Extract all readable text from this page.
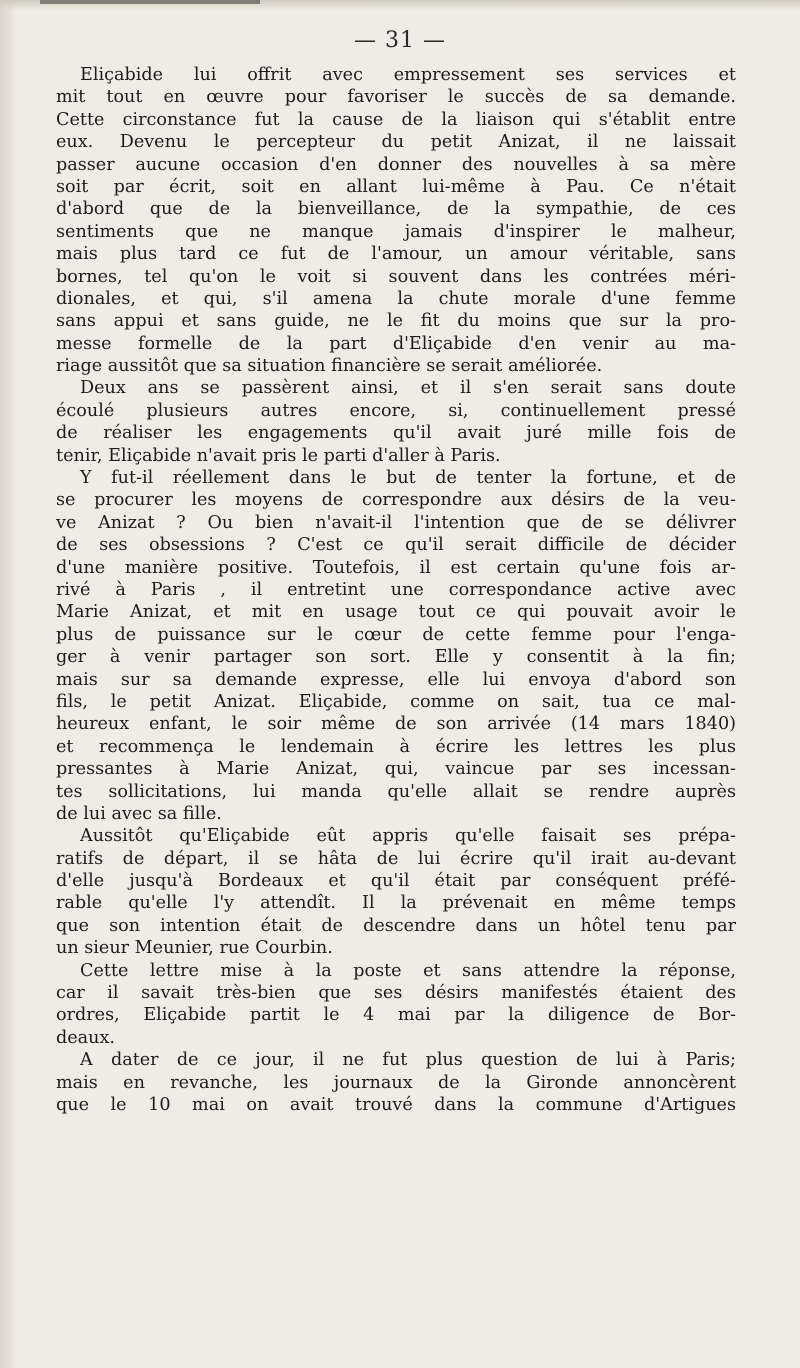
— 31 —
Eliçabide lui offrit avec empressement ses services et
mit tout en œuvre pour favoriser le succès de sa demande.
Cette circonstance fut la cause de la liaison qui s'établit entre
eux. Devenu le percepteur du petit Anizat, il ne laissait
passer aucune occasion d'en donner des nouvelles à sa mère
soit par écrit, soit en allant lui-même à Pau. Ce n'était
d'abord que de la bienveillance, de la sympathie, de ces
sentiments que ne manque jamais d'inspirer le malheur,
mais plus tard ce fut de l'amour, un amour véritable, sans
bornes, tel qu'on le voit si souvent dans les contrées méri-
dionales, et qui, s'il amena la chute morale d'une femme
sans appui et sans guide, ne le fit du moins que sur la pro-
messe formelle de la part d'Eliçabide d'en venir au ma-
riage aussitôt que sa situation financière se serait améliorée.
Deux ans se passèrent ainsi, et il s'en serait sans doute
écoulé plusieurs autres encore, si, continuellement pressé
de réaliser les engagements qu'il avait juré mille fois de
tenir, Eliçabide n'avait pris le parti d'aller à Paris.
Y fut-il réellement dans le but de tenter la fortune, et de
se procurer les moyens de correspondre aux désirs de la veu-
ve Anizat ? Ou bien n'avait-il l'intention que de se délivrer
de ses obsessions ? C'est ce qu'il serait difficile de décider
d'une manière positive. Toutefois, il est certain qu'une fois ar-
rivé à Paris , il entretint une correspondance active avec
Marie Anizat, et mit en usage tout ce qui pouvait avoir le
plus de puissance sur le cœur de cette femme pour l'enga-
ger à venir partager son sort. Elle y consentit à la fin;
mais sur sa demande expresse, elle lui envoya d'abord son
fils, le petit Anizat. Eliçabide, comme on sait, tua ce mal-
heureux enfant, le soir même de son arrivée (14 mars 1840)
et recommença le lendemain à écrire les lettres les plus
pressantes à Marie Anizat, qui, vaincue par ses incessan-
tes sollicitations, lui manda qu'elle allait se rendre auprès
de lui avec sa fille.
Aussitôt qu'Eliçabide eût appris qu'elle faisait ses prépa-
ratifs de départ, il se hâta de lui écrire qu'il irait au-devant
d'elle jusqu'à Bordeaux et qu'il était par conséquent préfé-
rable qu'elle l'y attendît. Il la prévenait en même temps
que son intention était de descendre dans un hôtel tenu par
un sieur Meunier, rue Courbin.
Cette lettre mise à la poste et sans attendre la réponse,
car il savait très-bien que ses désirs manifestés étaient des
ordres, Eliçabide partit le 4 mai par la diligence de Bor-
deaux.
A dater de ce jour, il ne fut plus question de lui à Paris;
mais en revanche, les journaux de la Gironde annoncèrent
que le 10 mai on avait trouvé dans la commune d'Artigues
